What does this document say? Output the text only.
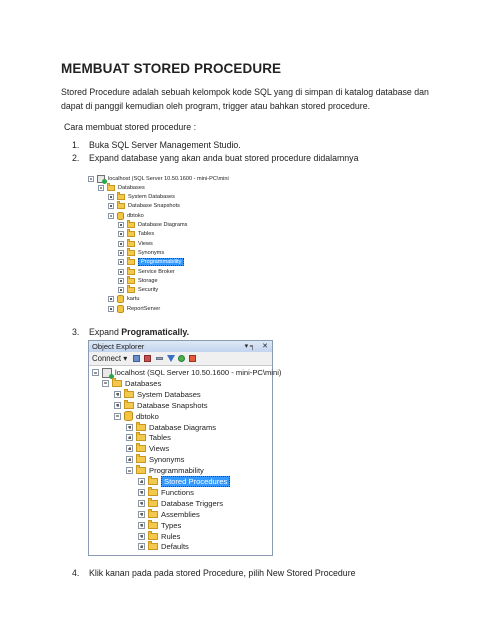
MEMBUAT STORED PROCEDURE
Stored Procedure adalah sebuah kelompok kode SQL yang di simpan di katalog database dan dapat di panggil kemudian oleh program, trigger atau bahkan stored procedure.
Cara membuat stored procedure :
1. Buka SQL Server Management Studio.
2. Expand database yang akan anda buat stored procedure didalamnya
localhost (SQL Server 10.50.1600 - mini-PC\mini
Databases
System Databases
Database Snapshots
dbtoko
Database Diagrams
Tables
Views
Synonyms
Programmability
Service Broker
Storage
Security
kartu
ReportServer
3. Expand Programatically.
Object Explorer	▾ ╕ ✕
Connect ▾
localhost (SQL Server 10.50.1600 - mini-PC\mini)
Databases
System Databases
Database Snapshots
dbtoko
Database Diagrams
Tables
Views
Synonyms
Programmability
Stored Procedures
Functions
Database Triggers
Assemblies
Types
Rules
Defaults
4. Klik kanan pada pada stored Procedure, pilih New Stored Procedure
